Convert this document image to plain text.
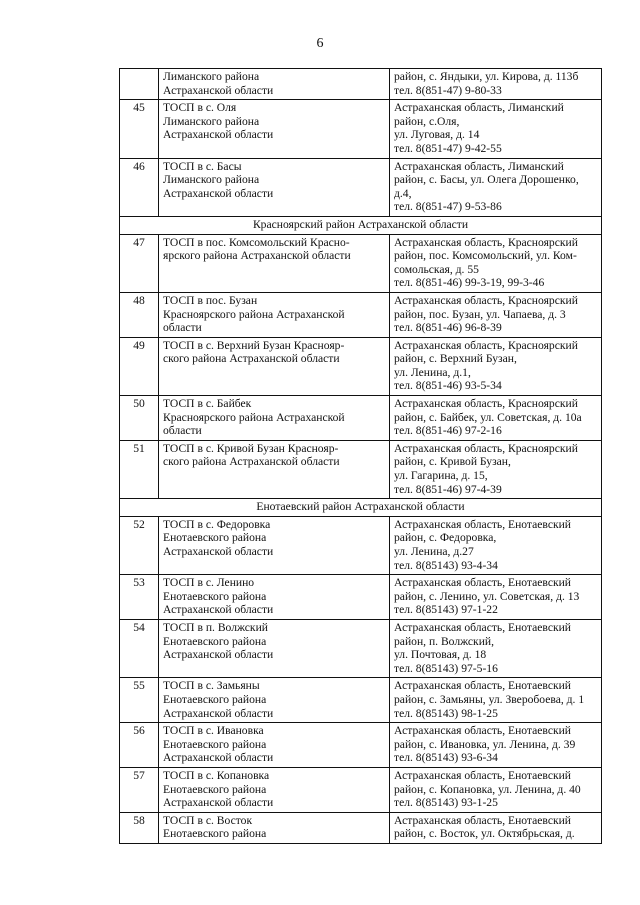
6

	Лиманского района
Астраханской области	район, с. Яндыки, ул. Кирова, д. 113б
тел. 8(851-47) 9-80-33

45	ТОСП в с. Оля
Лиманского района
Астраханской области	Астраханская область, Лиманский
район, с.Оля,
ул. Луговая, д. 14
тел. 8(851-47) 9-42-55

46	ТОСП в с. Басы
Лиманского района
Астраханской области	Астраханская область, Лиманский
район, с. Басы, ул. Олега Дорошенко,
д.4,
тел. 8(851-47) 9-53-86

Красноярский район Астраханской области		
47	ТОСП в пос. Комсомольский Красно-
ярского района Астраханской области	Астраханская область, Красноярский
район, пос. Комсомольский, ул. Ком-
сомольская, д. 55
тел. 8(851-46) 99-3-19, 99-3-46

48	ТОСП в пос. Бузан
Красноярского района Астраханской
области	Астраханская область, Красноярский
район, пос. Бузан, ул. Чапаева, д. 3
тел. 8(851-46) 96-8-39

49	ТОСП в с. Верхний Бузан Краснояр-
ского района Астраханской области	Астраханская область, Красноярский
район, с. Верхний Бузан,
ул. Ленина, д.1,
тел. 8(851-46) 93-5-34

50	ТОСП в с. Байбек
Красноярского района Астраханской
области	Астраханская область, Красноярский
район, с. Байбек, ул. Советская, д. 10а
тел. 8(851-46) 97-2-16

51	ТОСП в с. Кривой Бузан Краснояр-
ского района Астраханской области	Астраханская область, Красноярский
район, с. Кривой Бузан,
ул. Гагарина, д. 15,
тел. 8(851-46) 97-4-39

Енотаевский район Астраханской области		
52	ТОСП в с. Федоровка
Енотаевского района
Астраханской области	Астраханская область, Енотаевский
район, с. Федоровка,
ул. Ленина, д.27
тел. 8(85143) 93-4-34

53	ТОСП в с. Ленино
Енотаевского района
Астраханской области	Астраханская область, Енотаевский
район, с. Ленино, ул. Советская, д. 13
тел. 8(85143) 97-1-22

54	ТОСП в п. Волжский
Енотаевского района
Астраханской области	Астраханская область, Енотаевский
район, п. Волжский,
ул. Почтовая, д. 18
тел. 8(85143) 97-5-16

55	ТОСП в с. Замьяны
Енотаевского района
Астраханской области	Астраханская область, Енотаевский
район, с. Замьяны, ул. Зверобоева, д. 1
тел. 8(85143) 98-1-25

56	ТОСП в с. Ивановка
Енотаевского района
Астраханской области	Астраханская область, Енотаевский
район, с. Ивановка, ул. Ленина, д. 39
тел. 8(85143) 93-6-34

57	ТОСП в с. Копановка
Енотаевского района
Астраханской области	Астраханская область, Енотаевский
район, с. Копановка, ул. Ленина, д. 40
тел. 8(85143) 93-1-25

58	ТОСП в с. Восток
Енотаевского района	Астраханская область, Енотаевский
район, с. Восток, ул. Октябрьская, д.
